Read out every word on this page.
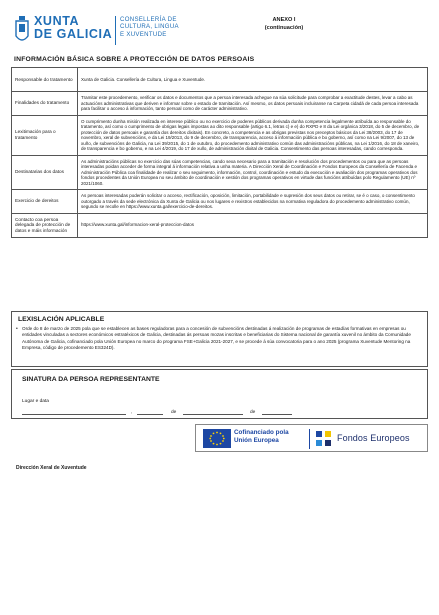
XUNTA
DE GALICIA
CONSELLERÍA DE
CULTURA, LINGUA
E XUVENTUDE
ANEXO I
(continuación)
INFORMACIÓN BÁSICA SOBRE A PROTECCIÓN DE DATOS PERSOAIS
Responsable do tratamento	Xunta de Galicia. Consellería de Cultura, Lingua e Xuventude.
Finalidades do tratamento	Tramitar este procedemento, verificar os datos e documentos que a persoa interesada achegue na súa solicitude para comprobar a exactitude destes, levar a cabo as actuacións administrativas que deriven e informar sobre o estado de tramitación. Así mesmo, os datos persoais incluiranse na Carpeta cidadá de cada persoa interesada para facilitar o acceso á información, tanto persoal como de carácter administrativo.
Lexitimación para o tratamento	O cumprimento dunha misión realizada en interese público ou no exercicio de poderes públicos derivada dunha competencia legalmente atribuída ao responsable do tratamento, así como o cumprimento de obrigas legais impostas ao dito responsable (artigo 6.1, letras c) e e) do RXPD e 8 da Lei orgánica 3/2018, do 5 de decembro, de protección de datos persoais e garantía dos dereitos dixitais). En concreto, a competencia e as obrigas previstas nos preceptos básicos da Lei 38/2003, do 17 de novembro, xeral de subvencións, e da Lei 19/2013, do 9 de decembro, de transparencia, acceso á información pública e bo goberno, así como na Lei 9/2007, do 13 de xuño, de subvencións de Galicia, na Lei 39/2015, do 1 de outubro, do procedemento administrativo común das administracións públicas, na Lei 1/2016, do 18 de xaneiro, de transparencia e bo goberno, e na Lei 4/2019, do 17 de xullo, de administración dixital de Galicia. Consentimento das persoas interesadas, cando corresponda.
Destinatarias dos datos	As administracións públicas no exercicio das súas competencias, cando sexa necesario para a tramitación e resolución dos procedementos ou para que as persoas interesadas poidan acceder de forma integral á información relativa a unha materia. A Dirección Xeral de Coordinación e Fondos Europeos da Consellería de Facenda e Administración Pública coa finalidade de realizar o seu seguimento, información, control, coordinación e estudo da execución e avaliación dos programas operativos dos fondos procedentes da Unión Europea no seu ámbito de coordinación e xestión dos programas operativos en virtude das funcións atribuídas polo Regulamento (UE) nº 2021/1060.
Exercicio de dereitos	As persoas interesadas poderán solicitar o acceso, rectificación, oposición, limitación, portabilidade e supresión dos seus datos ou retirar, se é o caso, o consentimento outorgado a través da sede electrónica da Xunta de Galicia ou nos lugares e rexistros establecidos na normativa reguladora do procedemento administrativo común, segundo se recolle en https://www.xunta.gal/exercicio-de-dereitos.
Contacto coa persoa delegada de protección de datos e máis información	https://www.xunta.gal/informacion-xeral-proteccion-datos
LEXISLACIÓN APLICABLE
• Orde do 8 de marzo de 2025 pola que se establecen as bases reguladoras para a concesión de subvencións destinadas á realización de programas de estadías formativas en empresas ou entidades vinculadas a sectores económicos estratéxicos de Galicia, destinadas ás persoas mozas inscritas e beneficiarias do Sistema nacional de garantía xuvenil no ámbito da Comunidade Autónoma de Galicia, cofinanciado pola Unión Europea no marco do programa FSE+Galicia 2021-2027, e se procede á súa convocatoria para o ano 2025 (programa Xuventude Mentoring na Empresa, código de procedemento ES324D).
SINATURA DA PERSOA REPRESENTANTE
Lugar e data
,	de	de
Cofinanciado pola
Unión Europea	Fondos Europeos
Dirección Xeral de Xuventude
